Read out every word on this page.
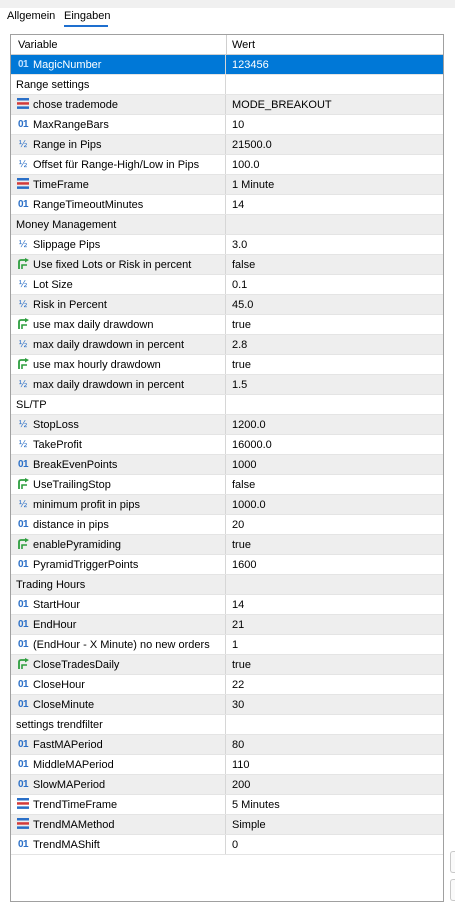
Allgemein Eingaben
Variable	Wert
01 MagicNumber	123456
Range settings
chose trademode	MODE_BREAKOUT
01 MaxRangeBars	10
½ Range in Pips	21500.0
½ Offset für Range-High/Low in Pips	100.0
TimeFrame	1 Minute
01 RangeTimeoutMinutes	14
Money Management
½ Slippage Pips	3.0
Use fixed Lots or Risk in percent	false
½ Lot Size	0.1
½ Risk in Percent	45.0
use max daily drawdown	true
½ max daily drawdown in percent	2.8
use max hourly drawdown	true
½ max daily drawdown in percent	1.5
SL/TP
½ StopLoss	1200.0
½ TakeProfit	16000.0
01 BreakEvenPoints	1000
UseTrailingStop	false
½ minimum profit in pips	1000.0
01 distance in pips	20
enablePyramiding	true
01 PyramidTriggerPoints	1600
Trading Hours
01 StartHour	14
01 EndHour	21
01 (EndHour - X Minute) no new orders 1
CloseTradesDaily	true
01 CloseHour	22
01 CloseMinute	30
settings trendfilter
01 FastMAPeriod	80
01 MiddleMAPeriod	110
01 SlowMAPeriod	200
TrendTimeFrame	5 Minutes
TrendMAMethod	Simple
01 TrendMAShift	0
